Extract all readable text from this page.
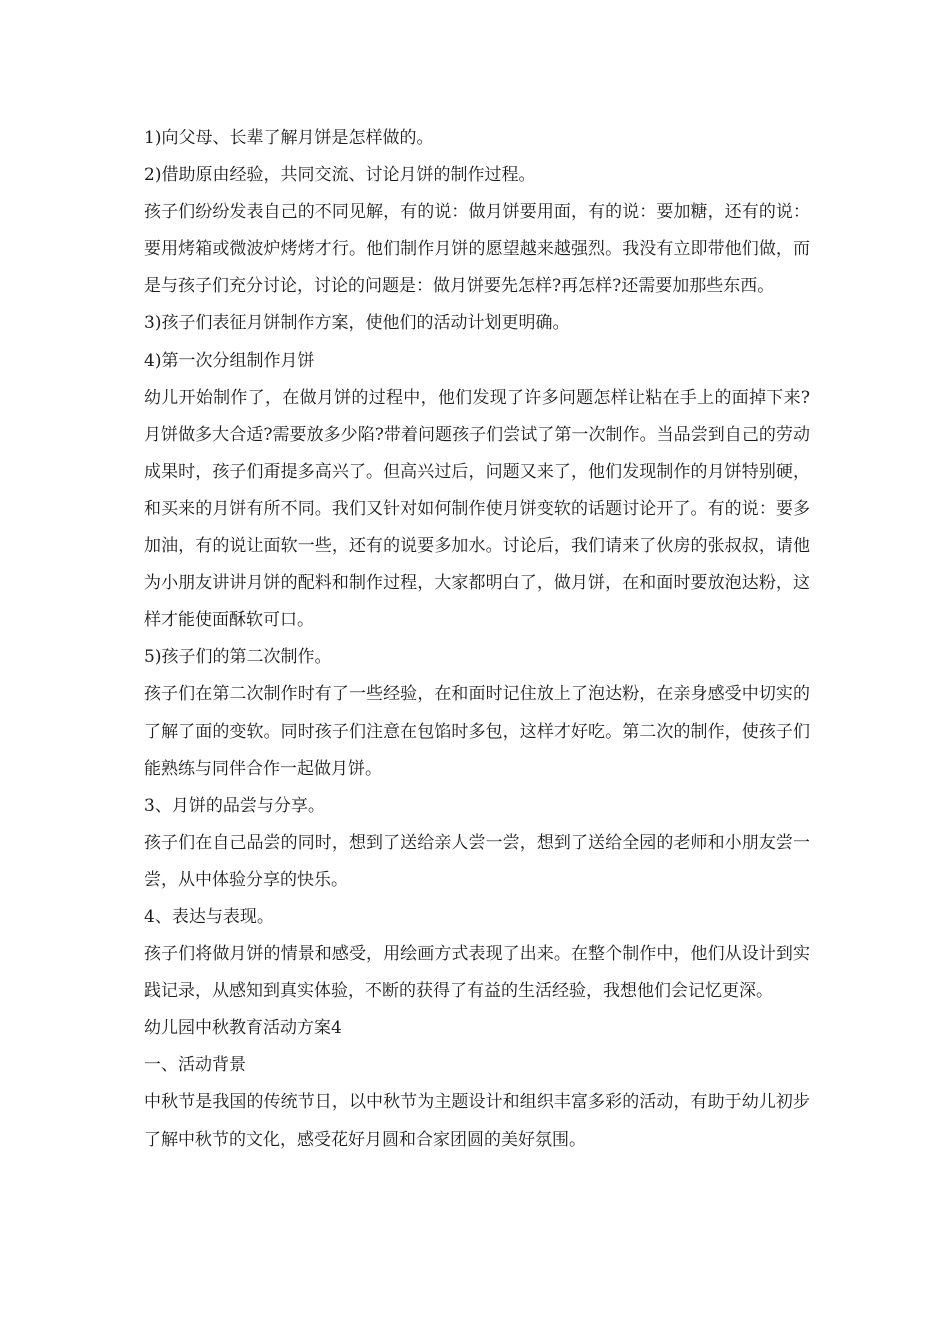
1)向父母、长辈了解月饼是怎样做的。

2)借助原由经验，共同交流、讨论月饼的制作过程。

孩子们纷纷发表自己的不同见解，有的说：做月饼要用面，有的说：要加糖，还有的说：要用烤箱或微波炉烤烤才行。他们制作月饼的愿望越来越强烈。我没有立即带他们做，而是与孩子们充分讨论，讨论的问题是：做月饼要先怎样?再怎样?还需要加那些东西。

3)孩子们表征月饼制作方案，使他们的活动计划更明确。

4)第一次分组制作月饼

幼儿开始制作了，在做月饼的过程中，他们发现了许多问题怎样让粘在手上的面掉下来?月饼做多大合适?需要放多少陷?带着问题孩子们尝试了第一次制作。当品尝到自己的劳动成果时，孩子们甭提多高兴了。但高兴过后，问题又来了，他们发现制作的月饼特别硬，和买来的月饼有所不同。我们又针对如何制作使月饼变软的话题讨论开了。有的说：要多加油，有的说让面软一些，还有的说要多加水。讨论后，我们请来了伙房的张叔叔，请他为小朋友讲讲月饼的配料和制作过程，大家都明白了，做月饼，在和面时要放泡达粉，这样才能使面酥软可口。

5)孩子们的第二次制作。

孩子们在第二次制作时有了一些经验，在和面时记住放上了泡达粉，在亲身感受中切实的了解了面的变软。同时孩子们注意在包馅时多包，这样才好吃。第二次的制作，使孩子们能熟练与同伴合作一起做月饼。

3、月饼的品尝与分享。

孩子们在自己品尝的同时，想到了送给亲人尝一尝，想到了送给全园的老师和小朋友尝一尝，从中体验分享的快乐。

4、表达与表现。

孩子们将做月饼的情景和感受，用绘画方式表现了出来。在整个制作中，他们从设计到实践记录，从感知到真实体验，不断的获得了有益的生活经验，我想他们会记忆更深。

幼儿园中秋教育活动方案4

一、活动背景

中秋节是我国的传统节日，以中秋节为主题设计和组织丰富多彩的活动，有助于幼儿初步了解中秋节的文化，感受花好月圆和合家团圆的美好氛围。
